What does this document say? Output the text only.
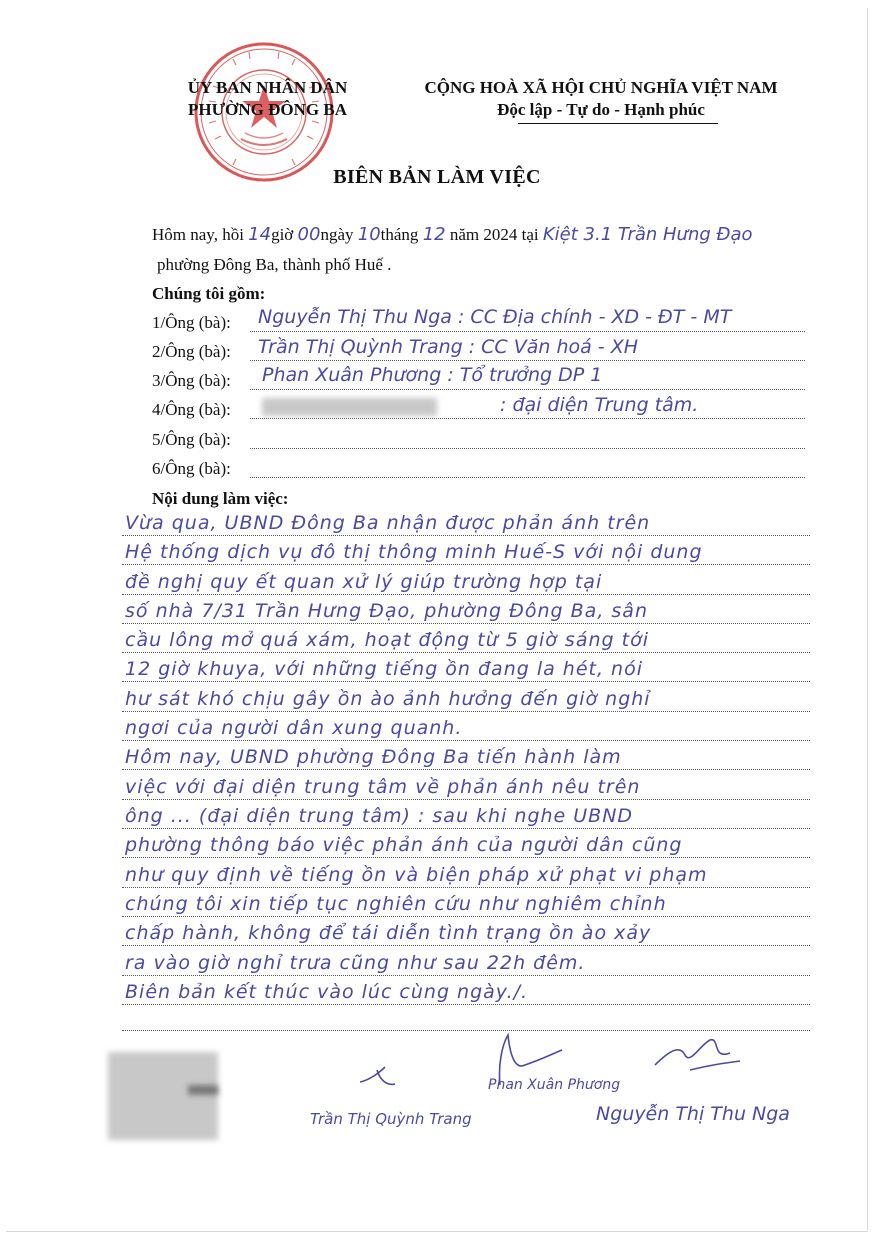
ỦY BAN NHÂN DÂN
PHƯỜNG ĐÔNG BA
CỘNG HOÀ XÃ HỘI CHỦ NGHĨA VIỆT NAM
Độc lập - Tự do - Hạnh phúc
BIÊN BẢN LÀM VIỆC
Hôm nay, hồi 14giờ 00ngày 10tháng 12 năm 2024 tại Kiệt 3.1 Trần Hưng Đạo
phường Đông Ba, thành phố Huế .
Chúng tôi gồm:
1/Ông (bà): Nguyễn Thị Thu Nga : CC Địa chính - XD - ĐT - MT
2/Ông (bà): Trần Thị Quỳnh Trang : CC Văn hoá - XH
3/Ông (bà): Phan Xuân Phương : Tổ trưởng DP 1
4/Ông (bà):	: đại diện Trung tâm.
5/Ông (bà):
6/Ông (bà):
Nội dung làm việc:
Vừa qua, UBND Đông Ba nhận được phản ánh trên
Hệ thống dịch vụ đô thị thông minh Huế-S với nội dung
đề nghị quy ết quan xử lý giúp trường hợp tại
số nhà 7/31 Trần Hưng Đạo, phường Đông Ba, sân
cầu lông mở quá xám, hoạt động từ 5 giờ sáng tới
12 giờ khuya, với những tiếng ồn đang la hét, nói
hư sát khó chịu gây ồn ào ảnh hưởng đến giờ nghỉ
ngơi của người dân xung quanh.
Hôm nay, UBND phường Đông Ba tiến hành làm
việc với đại diện trung tâm về phản ánh nêu trên
ông ... (đại diện trung tâm) : sau khi nghe UBND
phường thông báo việc phản ánh của người dân cũng
như quy định về tiếng ồn và biện pháp xử phạt vi phạm
chúng tôi xin tiếp tục nghiên cứu như nghiêm chỉnh
chấp hành, không để tái diễn tình trạng ồn ào xảy
ra vào giờ nghỉ trưa cũng như sau 22h đêm.
Biên bản kết thúc vào lúc cùng ngày./.
Trần Thị Quỳnh Trang
Phan Xuân Phương
Nguyễn Thị Thu Nga
